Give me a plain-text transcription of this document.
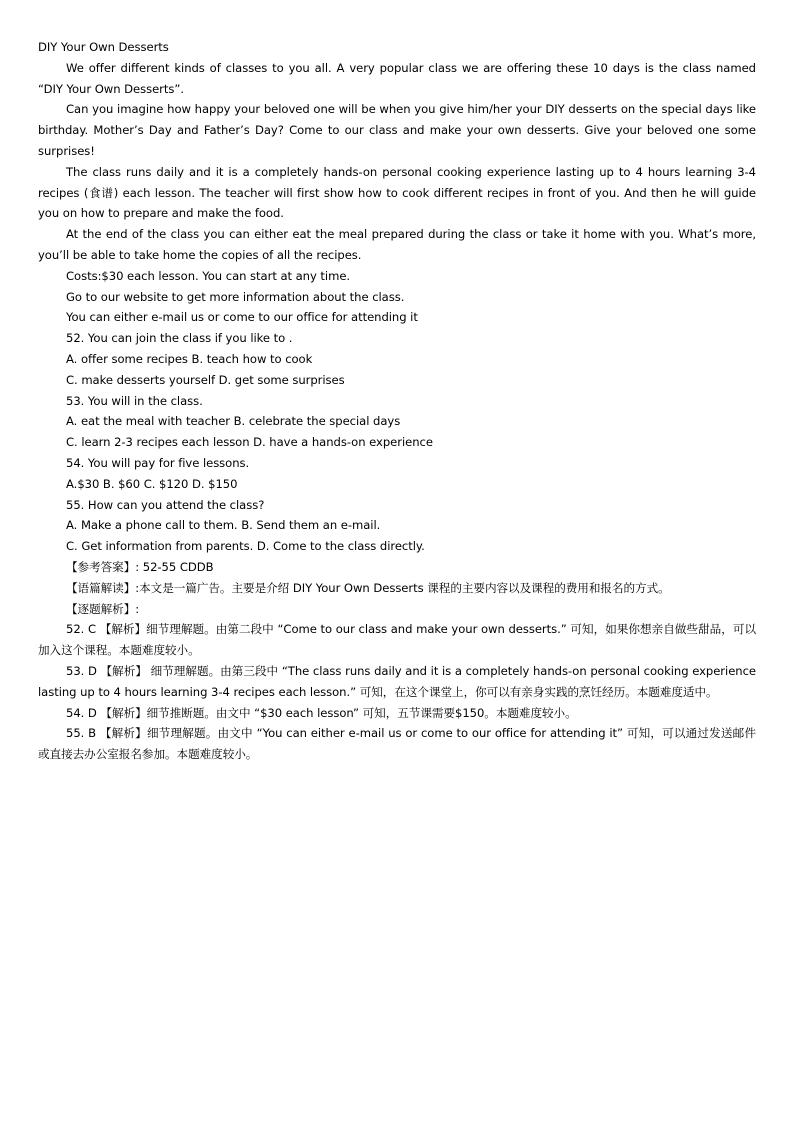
DIY Your Own Desserts

We offer different kinds of classes to you all. A very popular class we are offering these 10 days is the class named “DIY Your Own Desserts”.

Can you imagine how happy your beloved one will be when you give him/her your DIY desserts on the special days like birthday. Mother’s Day and Father’s Day? Come to our class and make your own desserts. Give your beloved one some surprises!

The class runs daily and it is a completely hands-on personal cooking experience lasting up to 4 hours learning 3-4 recipes (食谱) each lesson. The teacher will first show how to cook different recipes in front of you. And then he will guide you on how to prepare and make the food.

At the end of the class you can either eat the meal prepared during the class or take it home with you. What’s more, you’ll be able to take home the copies of all the recipes.

Costs:$30 each lesson. You can start at any time.

Go to our website to get more information about the class.

You can either e-mail us or come to our office for attending it

52. You can join the class if you like to .

A. offer some recipes B. teach how to cook

C. make desserts yourself D. get some surprises

53. You will in the class.

A. eat the meal with teacher B. celebrate the special days

C. learn 2-3 recipes each lesson D. have a hands-on experience

54. You will pay for five lessons.

A.$30 B. $60 C. $120 D. $150

55. How can you attend the class?

A. Make a phone call to them. B. Send them an e-mail.

C. Get information from parents. D. Come to the class directly.

【参考答案】: 52-55 CDDB

【语篇解读】:本文是一篇广告。主要是介绍 DIY Your Own Desserts 课程的主要内容以及课程的费用和报名的方式。

【逐题解析】:

52. C 【解析】细节理解题。由第二段中 “Come to our class and make your own desserts.” 可知，如果你想亲自做些甜品，可以加入这个课程。本题难度较小。

53. D 【解析】 细节理解题。由第三段中 “The class runs daily and it is a completely hands-on personal cooking experience lasting up to 4 hours learning 3-4 recipes each lesson.” 可知，在这个课堂上，你可以有亲身实践的烹饪经历。本题难度适中。

54. D 【解析】细节推断题。由文中 “$30 each lesson” 可知，五节课需要$150。本题难度较小。

55. B 【解析】细节理解题。由文中 “You can either e-mail us or come to our office for attending it” 可知，可以通过发送邮件或直接去办公室报名参加。本题难度较小。
